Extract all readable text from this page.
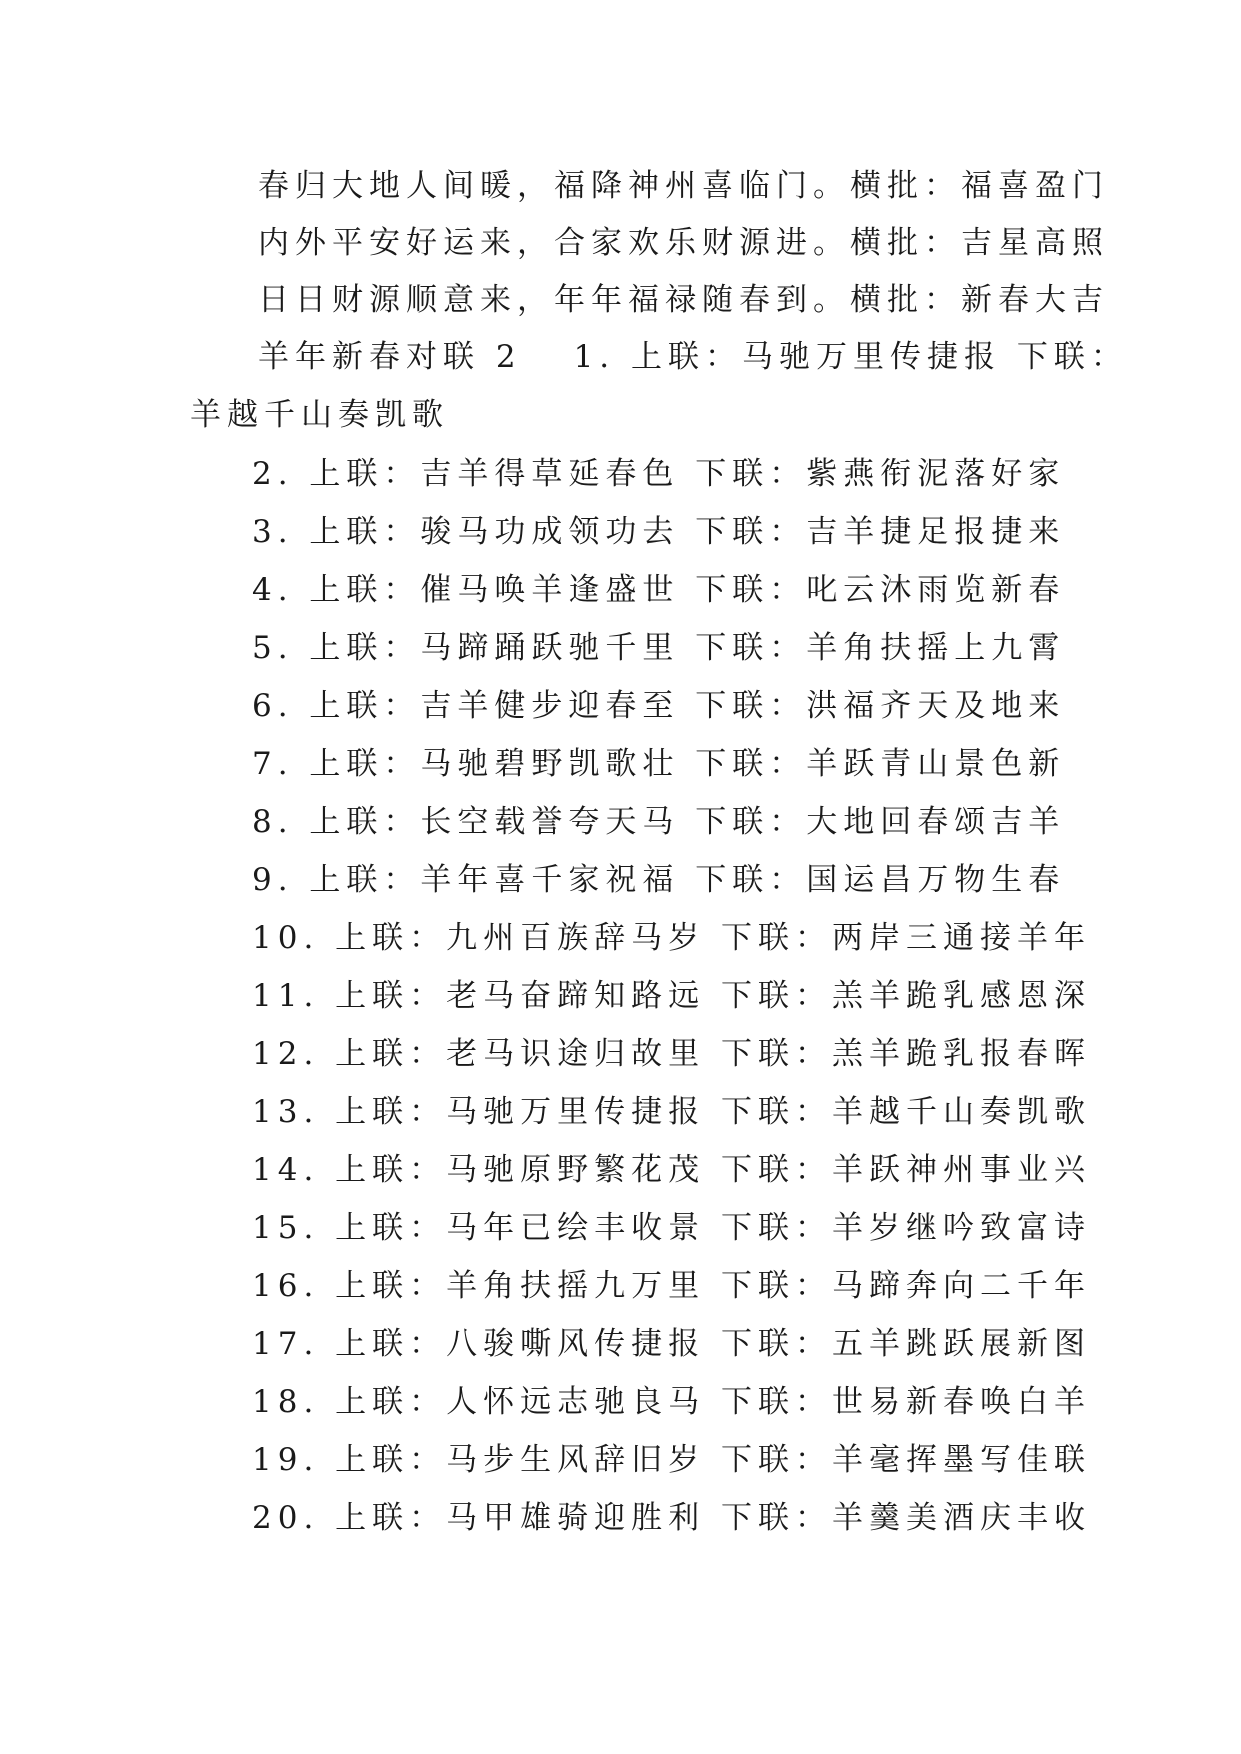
春归大地人间暖，福降神州喜临门。横批：福喜盈门
内外平安好运来，合家欢乐财源进。横批：吉星高照
日日财源顺意来，年年福禄随春到。横批：新春大吉
羊年新春对联 2 1. 上联：马驰万里传捷报 下联：
羊越千山奏凯歌
2. 上联：吉羊得草延春色 下联：紫燕衔泥落好家
3. 上联：骏马功成领功去 下联：吉羊捷足报捷来
4. 上联：催马唤羊逢盛世 下联：叱云沐雨览新春
5. 上联：马蹄踊跃驰千里 下联：羊角扶摇上九霄
6. 上联：吉羊健步迎春至 下联：洪福齐天及地来
7. 上联：马驰碧野凯歌壮 下联：羊跃青山景色新
8. 上联：长空载誉夸天马 下联：大地回春颂吉羊
9. 上联：羊年喜千家祝福 下联：国运昌万物生春
10. 上联：九州百族辞马岁 下联：两岸三通接羊年
11. 上联：老马奋蹄知路远 下联：羔羊跪乳感恩深
12. 上联：老马识途归故里 下联：羔羊跪乳报春晖
13. 上联：马驰万里传捷报 下联：羊越千山奏凯歌
14. 上联：马驰原野繁花茂 下联：羊跃神州事业兴
15. 上联：马年已绘丰收景 下联：羊岁继吟致富诗
16. 上联：羊角扶摇九万里 下联：马蹄奔向二千年
17. 上联：八骏嘶风传捷报 下联：五羊跳跃展新图
18. 上联：人怀远志驰良马 下联：世易新春唤白羊
19. 上联：马步生风辞旧岁 下联：羊毫挥墨写佳联
20. 上联：马甲雄骑迎胜利 下联：羊羹美酒庆丰收
